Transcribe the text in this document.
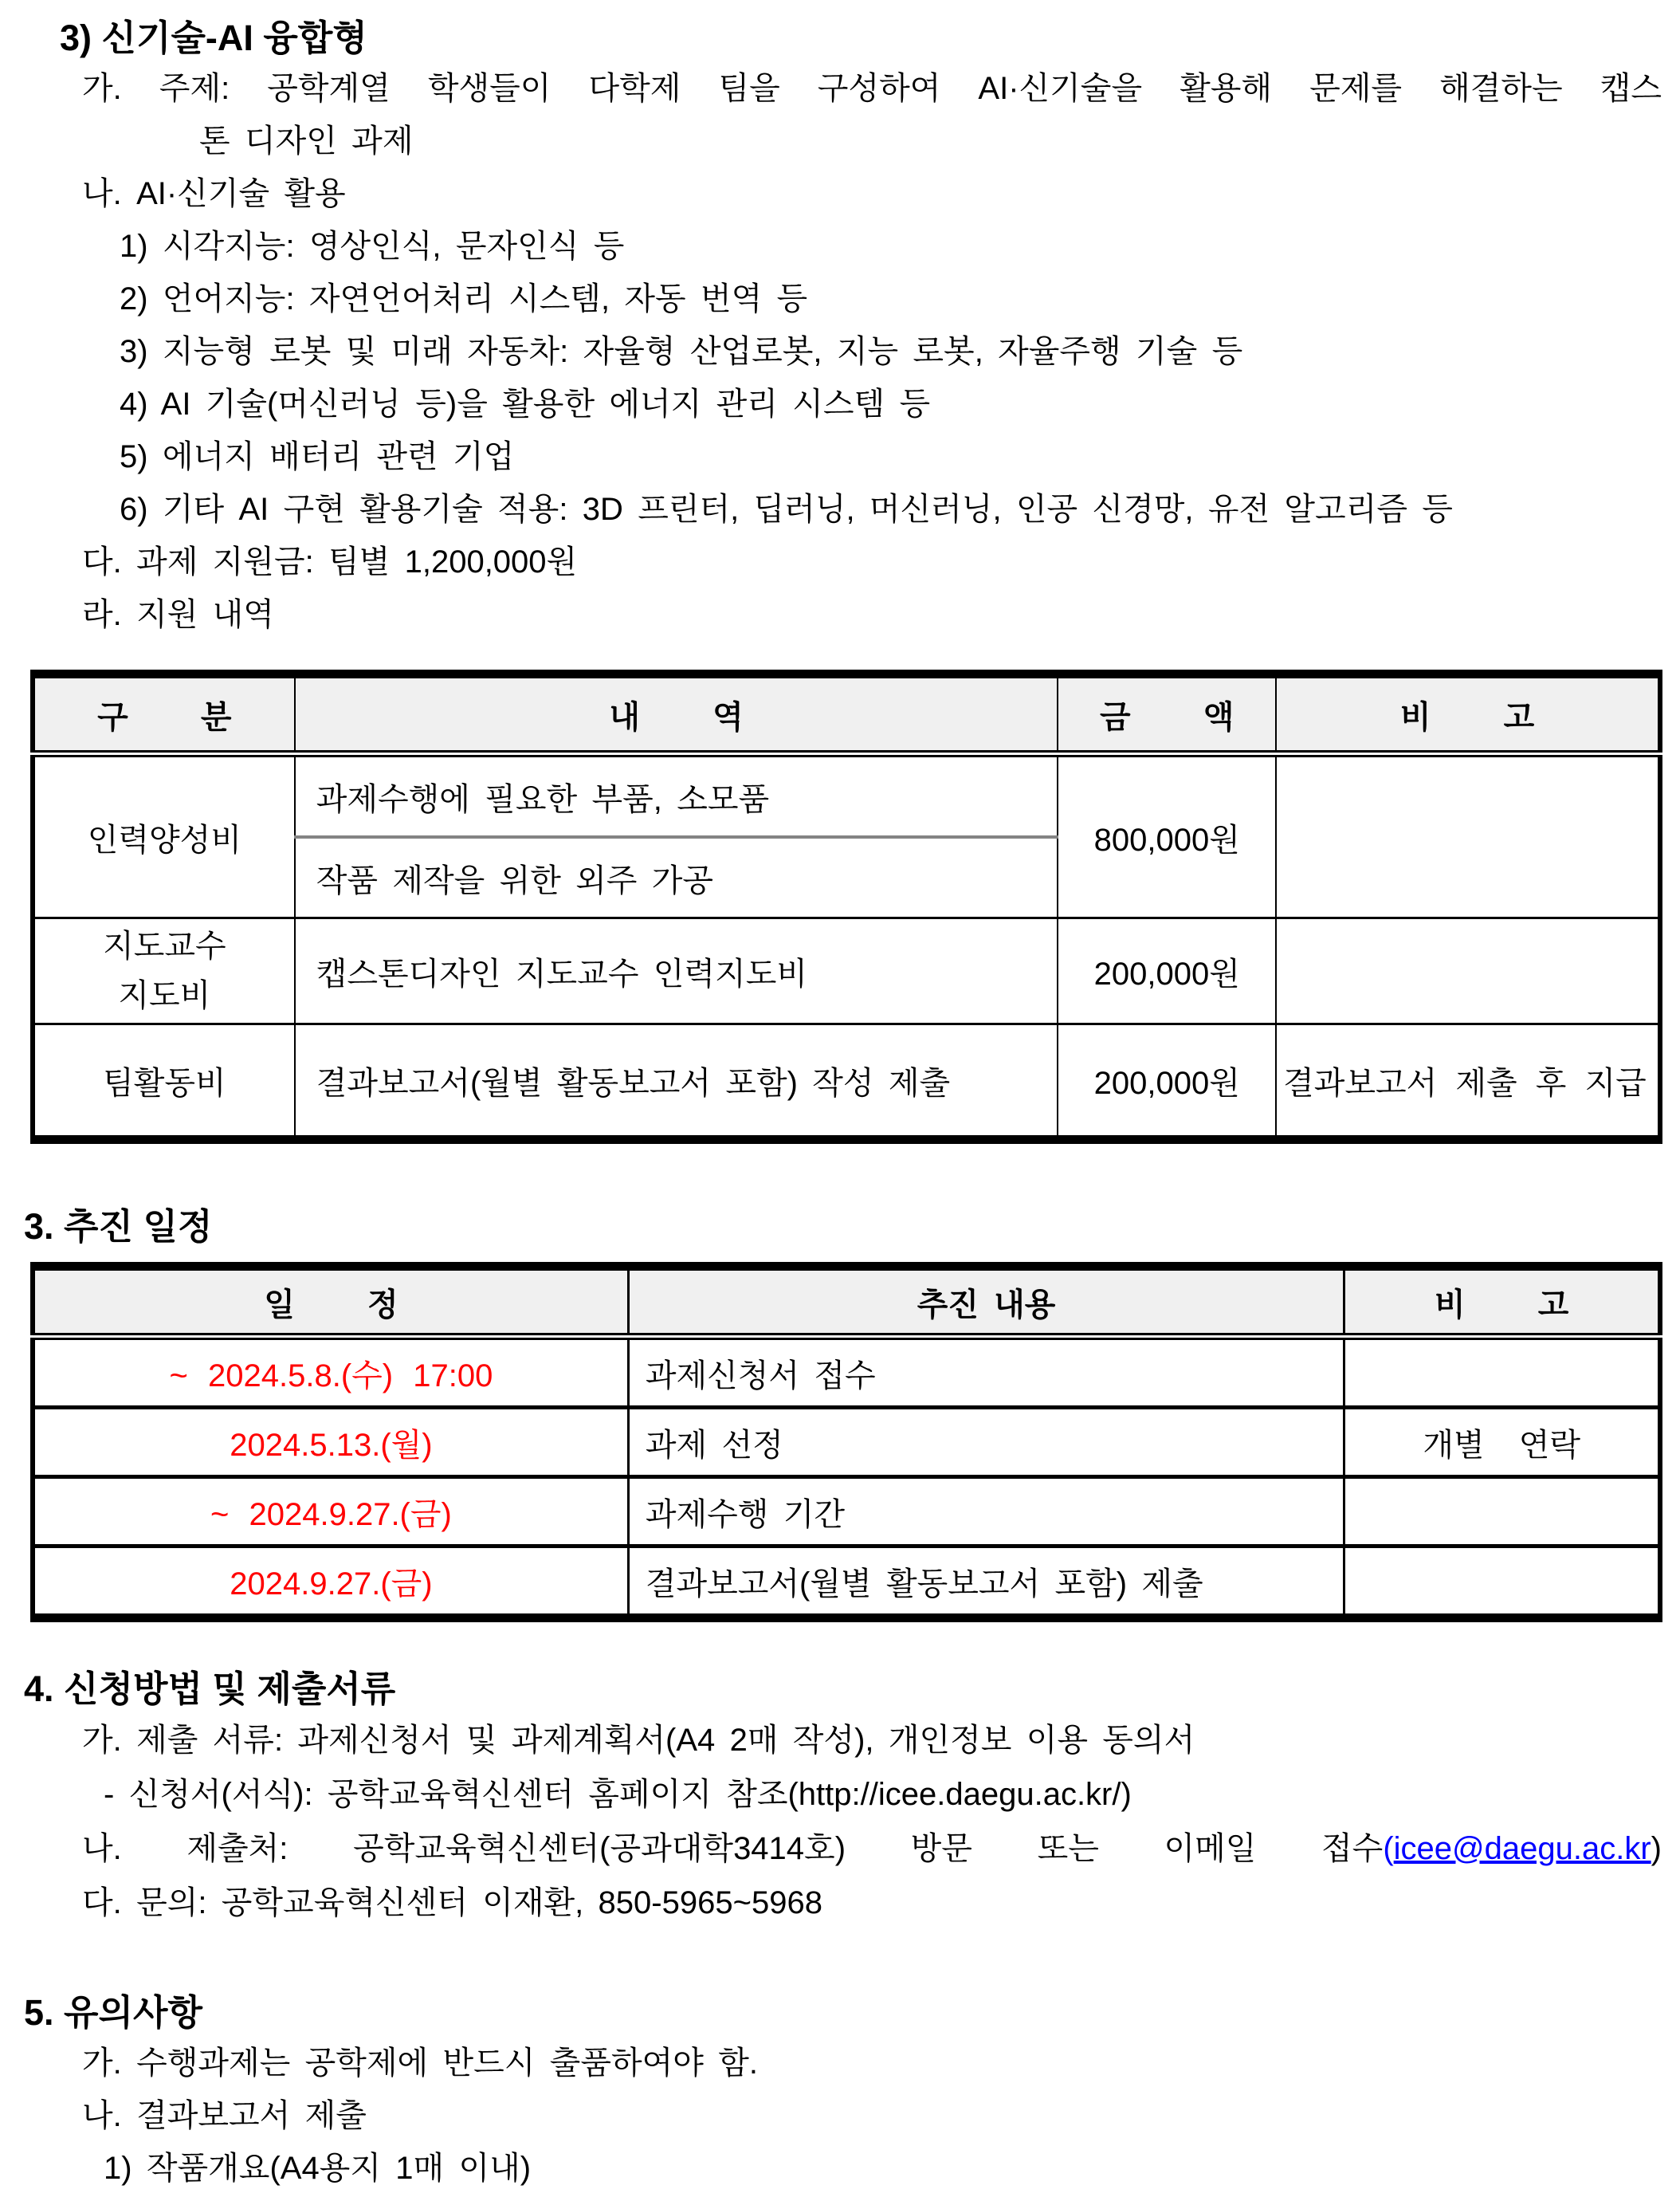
3) 신기술-AI 융합형
가. 주제: 공학계열 학생들이 다학제 팀을 구성하여 AI·신기술을 활용해 문제를 해결하는 캡스
톤 디자인 과제
나. AI·신기술 활용
1) 시각지능: 영상인식, 문자인식 등
2) 언어지능: 자연언어처리 시스템, 자동 번역 등
3) 지능형 로봇 및 미래 자동차: 자율형 산업로봇, 지능 로봇, 자율주행 기술 등
4) AI 기술(머신러닝 등)을 활용한 에너지 관리 시스템 등
5) 에너지 배터리 관련 기업
6) 기타 AI 구현 활용기술 적용: 3D 프린터, 딥러닝, 머신러닝, 인공 신경망, 유전 알고리즘 등
다. 과제 지원금: 팀별 1,200,000원
라. 지원 내역
구 분	내 역	금 액	비 고
인력양성비	과제수행에 필요한 부품, 소모품	800,000원	
	작품 제작을 위한 외주 가공		

지도교수
지도비	캡스톤디자인 지도교수 인력지도비	200,000원	
팀활동비	결과보고서(월별 활동보고서 포함) 작성 제출	200,000원	결과보고서 제출 후 지급
3. 추진 일정
일 정	추진 내용	비 고
~ 2024.5.8.(수) 17:00	과제신청서 접수	
2024.5.13.(월)	과제 선정	개별 연락
~ 2024.9.27.(금)	과제수행 기간	
2024.9.27.(금)	결과보고서(월별 활동보고서 포함) 제출	
4. 신청방법 및 제출서류
가. 제출 서류: 과제신청서 및 과제계획서(A4 2매 작성), 개인정보 이용 동의서
- 신청서(서식): 공학교육혁신센터 홈페이지 참조(http://icee.daegu.ac.kr/)
나. 제출처: 공학교육혁신센터(공과대학3414호) 방문 또는 이메일 접수(icee@daegu.ac.kr)
다. 문의: 공학교육혁신센터 이재환, 850-5965~5968
5. 유의사항
가. 수행과제는 공학제에 반드시 출품하여야 함.
나. 결과보고서 제출
1) 작품개요(A4용지 1매 이내)
